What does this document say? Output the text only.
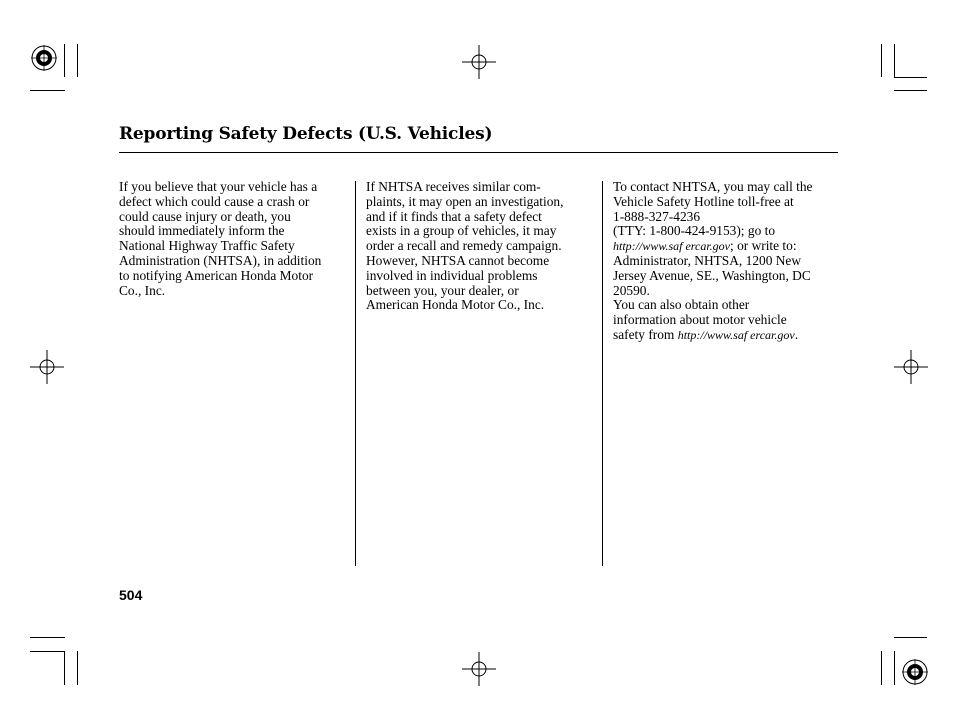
Reporting Safety Defects (U.S. Vehicles)
If you believe that your vehicle has a
defect which could cause a crash or
could cause injury or death, you
should immediately inform the
National Highway Traffic Safety
Administration (NHTSA), in addition
to notifying American Honda Motor
Co., Inc.
If NHTSA receives similar com-
plaints, it may open an investigation,
and if it finds that a safety defect
exists in a group of vehicles, it may
order a recall and remedy campaign.
However, NHTSA cannot become
involved in individual problems
between you, your dealer, or
American Honda Motor Co., Inc.
To contact NHTSA, you may call the
Vehicle Safety Hotline toll-free at
1-888-327-4236
(TTY: 1-800-424-9153); go to
http://www.saf ercar.gov; or write to:
Administrator, NHTSA, 1200 New
Jersey Avenue, SE., Washington, DC
20590.
You can also obtain other
information about motor vehicle
safety from http://www.saf ercar.gov.
504
